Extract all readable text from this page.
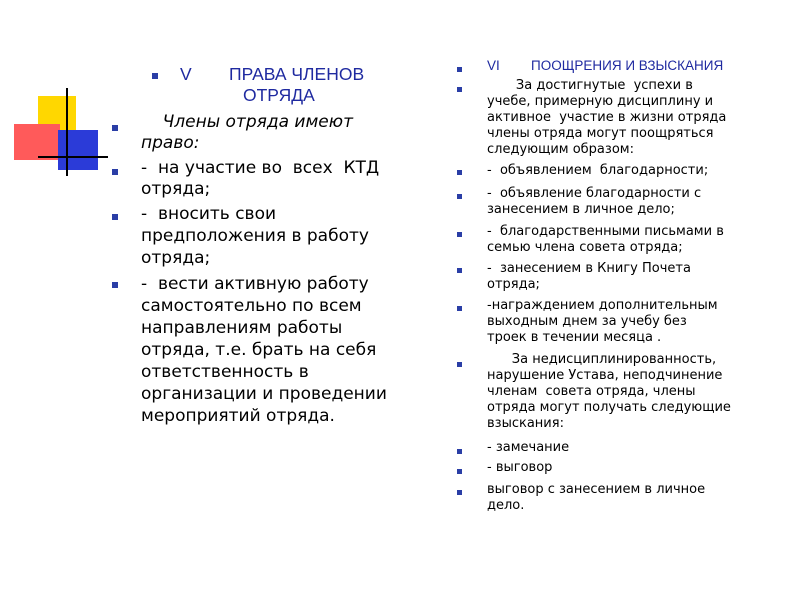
V ПРАВА ЧЛЕНОВ
ОТРЯДА
Члены отряда имеют
право:
-  на участие во  всех  КТД
отряда;
-  вносить свои
предположения в работу
отряда;
-  вести активную работу
самостоятельно по всем
направлениям работы
отряда, т.е. брать на себя
ответственность в
организации и проведении
мероприятий отряда.
VI ПООЩРЕНИЯ И ВЗЫСКАНИЯ
За достигнутые  успехи в
учебе, примерную дисциплину и
активное  участие в жизни отряда
члены отряда могут поощряться
следующим образом:
-  объявлением  благодарности;
-  объявление благодарности с
занесением в личное дело;
-  благодарственными письмами в
семью члена совета отряда;
-  занесением в Книгу Почета
отряда;
-награждением дополнительным
выходным днем за учебу без
троек в течении месяца .
За недисциплинированность,
нарушение Устава, неподчинение
членам  совета отряда, члены
отряда могут получать следующие
взыскания:
- замечание
- выговор
выговор с занесением в личное
дело.
